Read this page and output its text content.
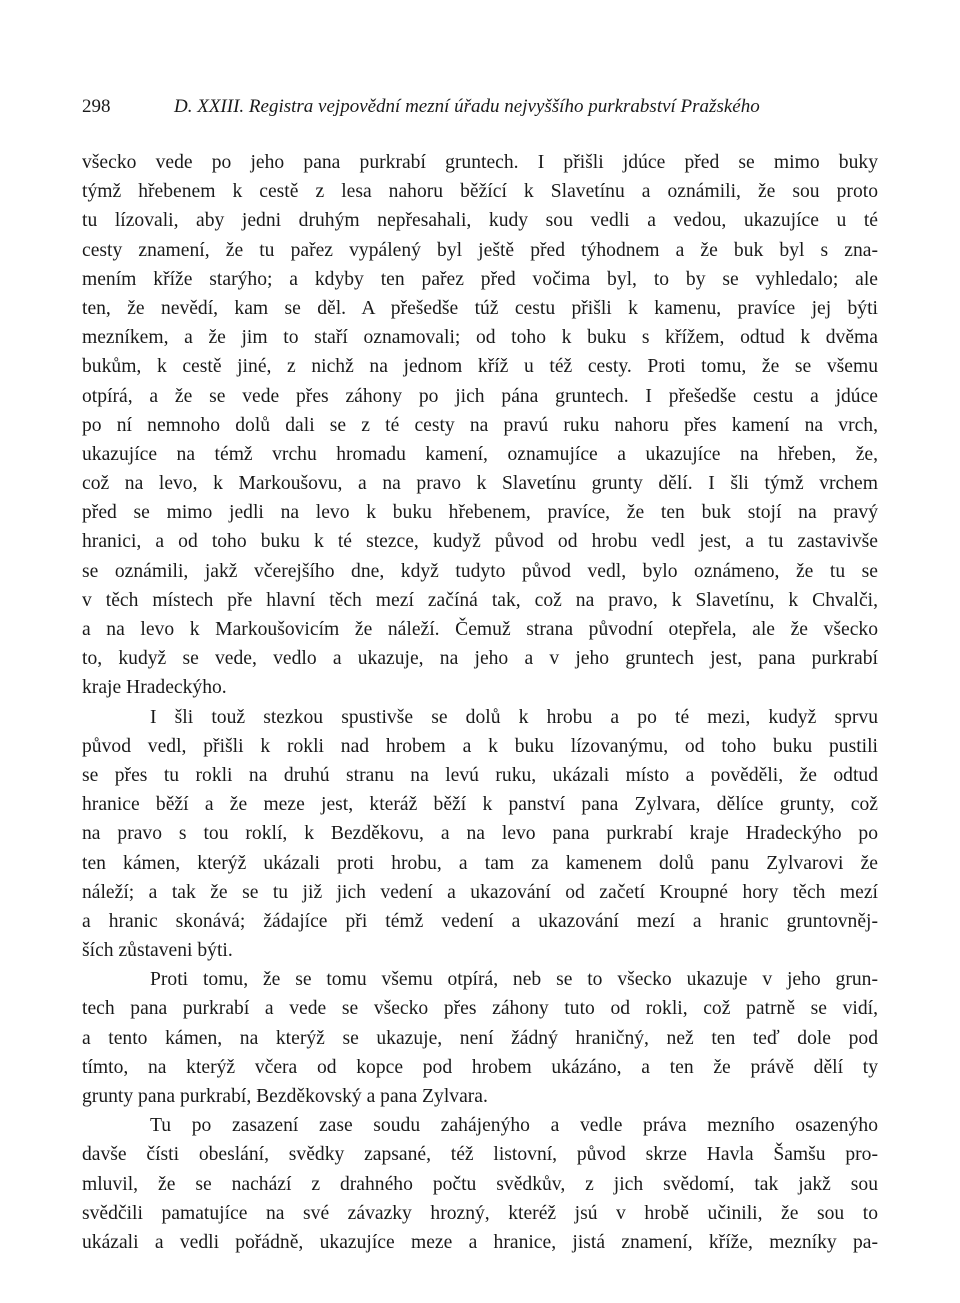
298	D. XXIII. Registra vejpovědní mezní úřadu nejvyššího purkrabství Pražského
všecko vede po jeho pana purkrabí gruntech. I přišli jdúce před se mimo buky
týmž hřebenem k cestě z lesa nahoru běžící k Slavetínu a oznámili, že sou proto
tu lízovali, aby jedni druhým nepřesahali, kudy sou vedli a vedou, ukazujíce u té
cesty znamení, že tu pařez vypálený byl ještě před týhodnem a že buk byl s zna-
mením kříže starýho; a kdyby ten pařez před vočima byl, to by se vyhledalo; ale
ten, že nevědí, kam se děl. A přešedše túž cestu přišli k kamenu, pravíce jej býti
mezníkem, a že jim to staří oznamovali; od toho k buku s křížem, odtud k dvěma
bukům, k cestě jiné, z nichž na jednom kříž u též cesty. Proti tomu, že se všemu
otpírá, a že se vede přes záhony po jich pána gruntech. I přešedše cestu a jdúce
po ní nemnoho dolů dali se z té cesty na pravú ruku nahoru přes kamení na vrch,
ukazujíce na témž vrchu hromadu kamení, oznamujíce a ukazujíce na hřeben, že,
což na levo, k Markoušovu, a na pravo k Slavetínu grunty dělí. I šli týmž vrchem
před se mimo jedli na levo k buku hřebenem, pravíce, že ten buk stojí na pravý
hranici, a od toho buku k té stezce, kudyž původ od hrobu vedl jest, a tu zastavivše
se oznámili, jakž včerejšího dne, když tudyto původ vedl, bylo oznámeno, že tu se
v těch místech pře hlavní těch mezí začíná tak, což na pravo, k Slavetínu, k Chvalči,
a na levo k Markoušovicím že náleží. Čemuž strana původní otepřela, ale že všecko
to, kudyž se vede, vedlo a ukazuje, na jeho a v jeho gruntech jest, pana purkrabí
kraje Hradeckýho.
I šli touž stezkou spustivše se dolů k hrobu a po té mezi, kudyž sprvu
původ vedl, přišli k rokli nad hrobem a k buku lízovanýmu, od toho buku pustili
se přes tu rokli na druhú stranu na levú ruku, ukázali místo a pověděli, že odtud
hranice běží a že meze jest, kteráž běží k panství pana Zylvara, dělíce grunty, což
na pravo s tou roklí, k Bezděkovu, a na levo pana purkrabí kraje Hradeckýho po
ten kámen, kterýž ukázali proti hrobu, a tam za kamenem dolů panu Zylvarovi že
náleží; a tak že se tu již jich vedení a ukazování od začetí Kroupné hory těch mezí
a hranic skonává; žádajíce při témž vedení a ukazování mezí a hranic gruntovněj-
ších zůstaveni býti.
Proti tomu, že se tomu všemu otpírá, neb se to všecko ukazuje v jeho grun-
tech pana purkrabí a vede se všecko přes záhony tuto od rokli, což patrně se vidí,
a tento kámen, na kterýž se ukazuje, není žádný hraničný, než ten teď dole pod
tímto, na kterýž včera od kopce pod hrobem ukázáno, a ten že právě dělí ty
grunty pana purkrabí, Bezděkovský a pana Zylvara.
Tu po zasazení zase soudu zahájenýho a vedle práva mezního osazenýho
davše čísti obeslání, svědky zapsané, též listovní, původ skrze Havla Šamšu pro-
mluvil, že se nachází z drahného počtu svědkův, z jich svědomí, tak jakž sou
svědčili pamatujíce na své závazky hrozný, kteréž jsú v hrobě učinili, že sou to
ukázali a vedli pořádně, ukazujíce meze a hranice, jistá znamení, kříže, mezníky pa-
